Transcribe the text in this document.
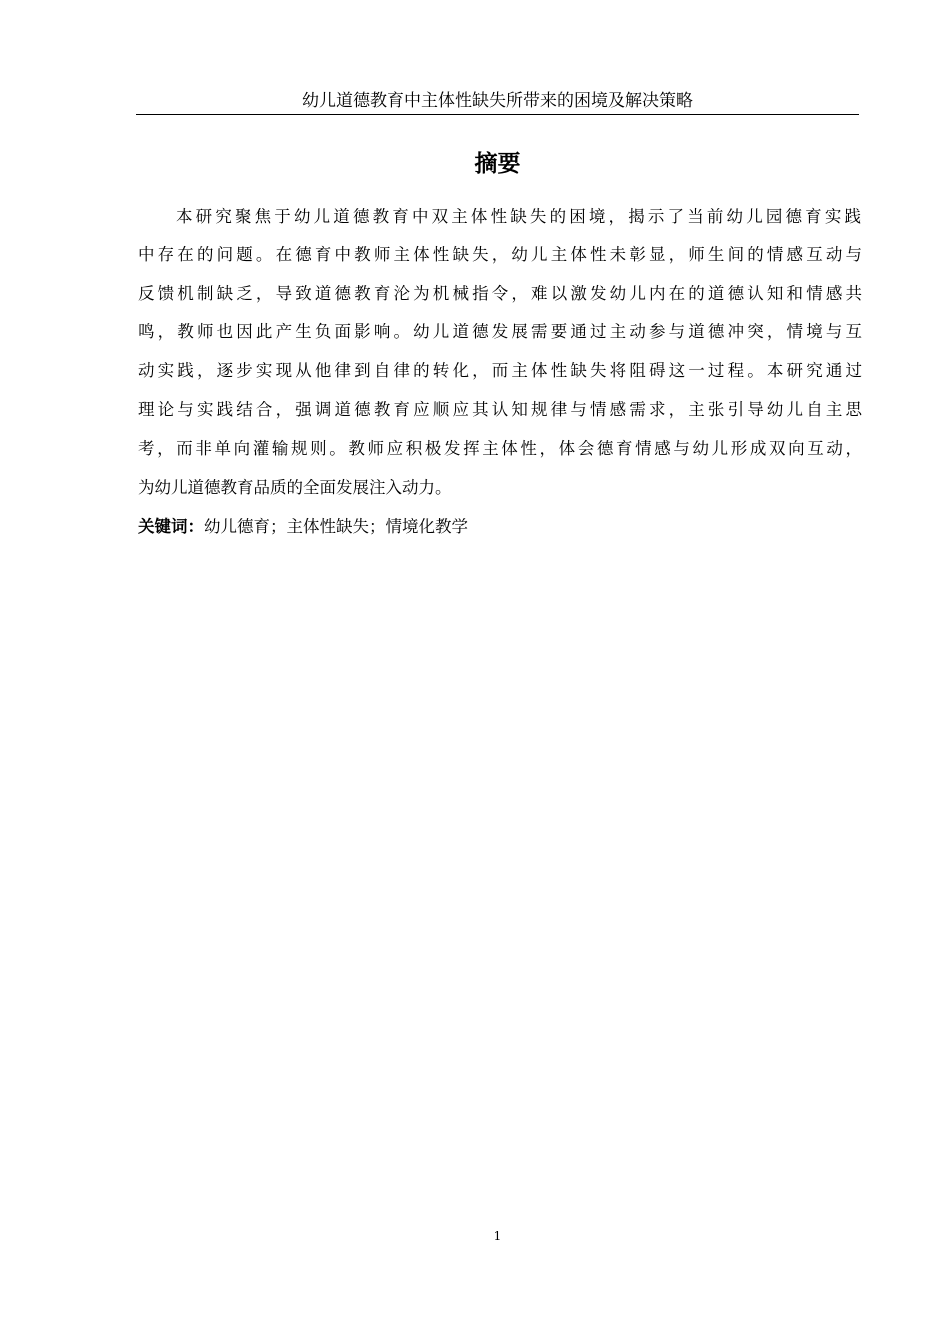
幼儿道德教育中主体性缺失所带来的困境及解决策略
摘要
本研究聚焦于幼儿道德教育中双主体性缺失的困境，揭示了当前幼儿园德育实践
中存在的问题。在德育中教师主体性缺失，幼儿主体性未彰显，师生间的情感互动与
反馈机制缺乏，导致道德教育沦为机械指令，难以激发幼儿内在的道德认知和情感共
鸣，教师也因此产生负面影响。幼儿道德发展需要通过主动参与道德冲突，情境与互
动实践，逐步实现从他律到自律的转化，而主体性缺失将阻碍这一过程。本研究通过
理论与实践结合，强调道德教育应顺应其认知规律与情感需求，主张引导幼儿自主思
考，而非单向灌输规则。教师应积极发挥主体性，体会德育情感与幼儿形成双向互动，
为幼儿道德教育品质的全面发展注入动力。
关键词：幼儿德育；主体性缺失；情境化教学
1
